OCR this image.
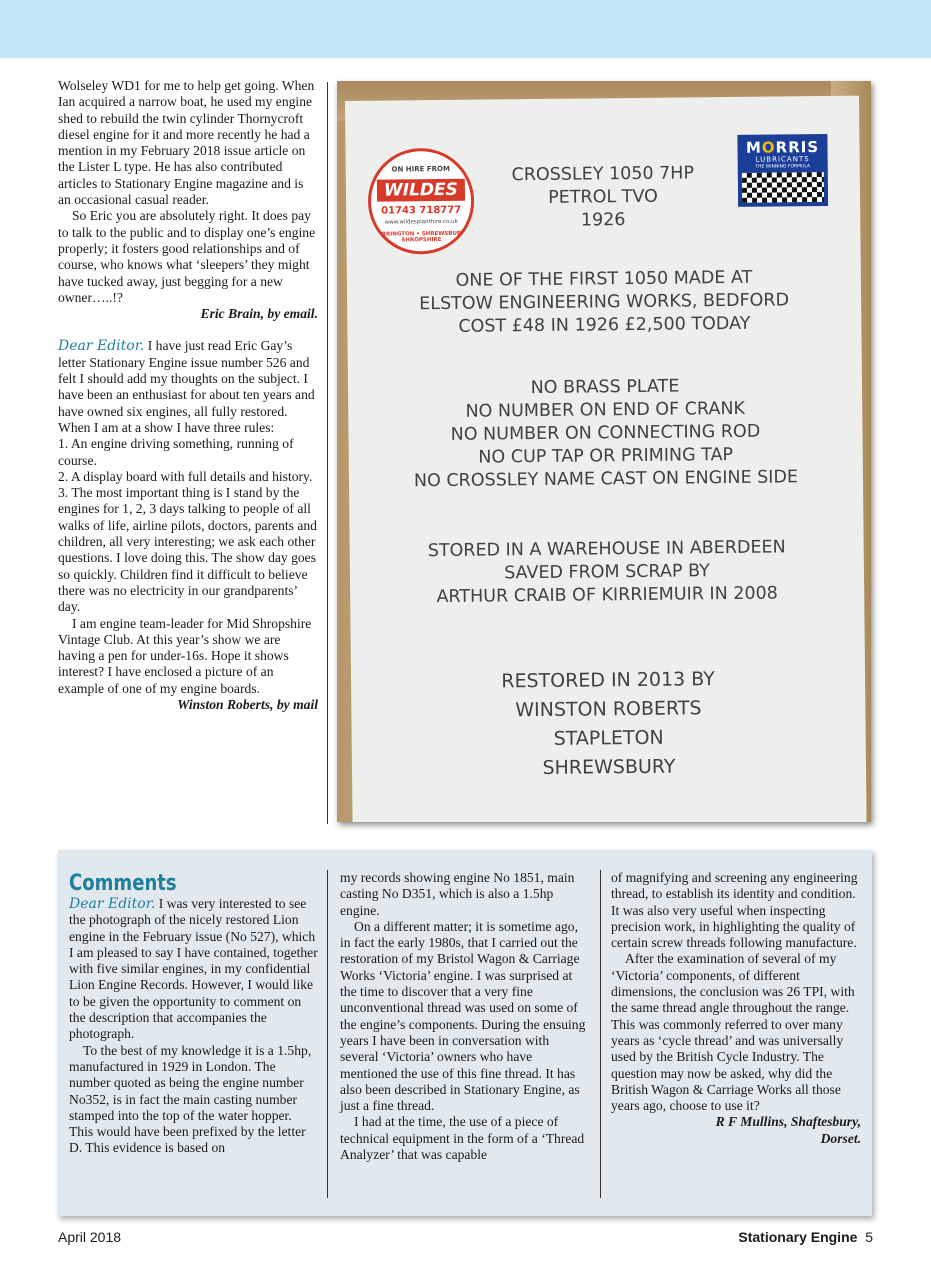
Wolseley WD1 for me to help get going. When Ian acquired a narrow boat, he used my engine shed to rebuild the twin cylinder Thornycroft diesel engine for it and more recently he had a mention in my February 2018 issue article on the Lister L type. He has also contributed articles to Stationary Engine magazine and is an occasional casual reader.

So Eric you are absolutely right. It does pay to talk to the public and to display one’s engine properly; it fosters good relationships and of course, who knows what ‘sleepers’ they might have tucked away, just begging for a new owner…..!?

Eric Brain, by email.

Dear Editor. I have just read Eric Gay’s letter Stationary Engine issue number 526 and felt I should add my thoughts on the subject. I have been an enthusiast for about ten years and have owned six engines, all fully restored. When I am at a show I have three rules:

1. An engine driving something, running of course.

2. A display board with full details and history.

3. The most important thing is I stand by the engines for 1, 2, 3 days talking to people of all walks of life, airline pilots, doctors, parents and children, all very interesting; we ask each other questions. I love doing this. The show day goes so quickly. Children find it difficult to believe there was no electricity in our grandparents’ day.

I am engine team-leader for Mid Shropshire Vintage Club. At this year’s show we are having a pen for under-16s. Hope it shows interest? I have enclosed a picture of an example of one of my engine boards.

Winston Roberts, by mail

ON HIRE FROM
WILDES
01743 718777
www.wildesplanthire.co.uk
DORRINGTON • SHREWSBURY • SHROPSHIRE
MORRIS
LUBRICANTS
THE WINNING FORMULA
CROSSLEY 1050 7HP
PETROL TVO
1926
ONE OF THE FIRST 1050 MADE AT
ELSTOW ENGINEERING WORKS, BEDFORD
COST £48 IN 1926 £2,500 TODAY
NO BRASS PLATE
NO NUMBER ON END OF CRANK
NO NUMBER ON CONNECTING ROD
NO CUP TAP OR PRIMING TAP
NO CROSSLEY NAME CAST ON ENGINE SIDE
STORED IN A WAREHOUSE IN ABERDEEN
SAVED FROM SCRAP BY
ARTHUR CRAIB OF KIRRIEMUIR IN 2008
RESTORED IN 2013 BY
WINSTON ROBERTS
STAPLETON
SHREWSBURY

Comments

Dear Editor. I was very interested to see the photograph of the nicely restored Lion engine in the February issue (No 527), which I am pleased to say I have contained, together with five similar engines, in my confidential Lion Engine Records. However, I would like to be given the opportunity to comment on the description that accompanies the photograph.

To the best of my knowledge it is a 1.5hp, manufactured in 1929 in London. The number quoted as being the engine number No352, is in fact the main casting number stamped into the top of the water hopper. This would have been prefixed by the letter D. This evidence is based on

my records showing engine No 1851, main casting No D351, which is also a 1.5hp engine.

On a different matter; it is sometime ago, in fact the early 1980s, that I carried out the restoration of my Bristol Wagon & Carriage Works ‘Victoria’ engine. I was surprised at the time to discover that a very fine unconventional thread was used on some of the engine’s components. During the ensuing years I have been in conversation with several ‘Victoria’ owners who have mentioned the use of this fine thread. It has also been described in Stationary Engine, as just a fine thread.

I had at the time, the use of a piece of technical equipment in the form of a ‘Thread Analyzer’ that was capable

of magnifying and screening any engineering thread, to establish its identity and condition. It was also very useful when inspecting precision work, in highlighting the quality of certain screw threads following manufacture.

After the examination of several of my ‘Victoria’ components, of different dimensions, the conclusion was 26 TPI, with the same thread angle throughout the range. This was commonly referred to over many years as ‘cycle thread’ and was universally used by the British Cycle Industry. The question may now be asked, why did the British Wagon & Carriage Works all those years ago, choose to use it?

R F Mullins, Shaftesbury,

Dorset.

April 2018	Stationary Engine 5
